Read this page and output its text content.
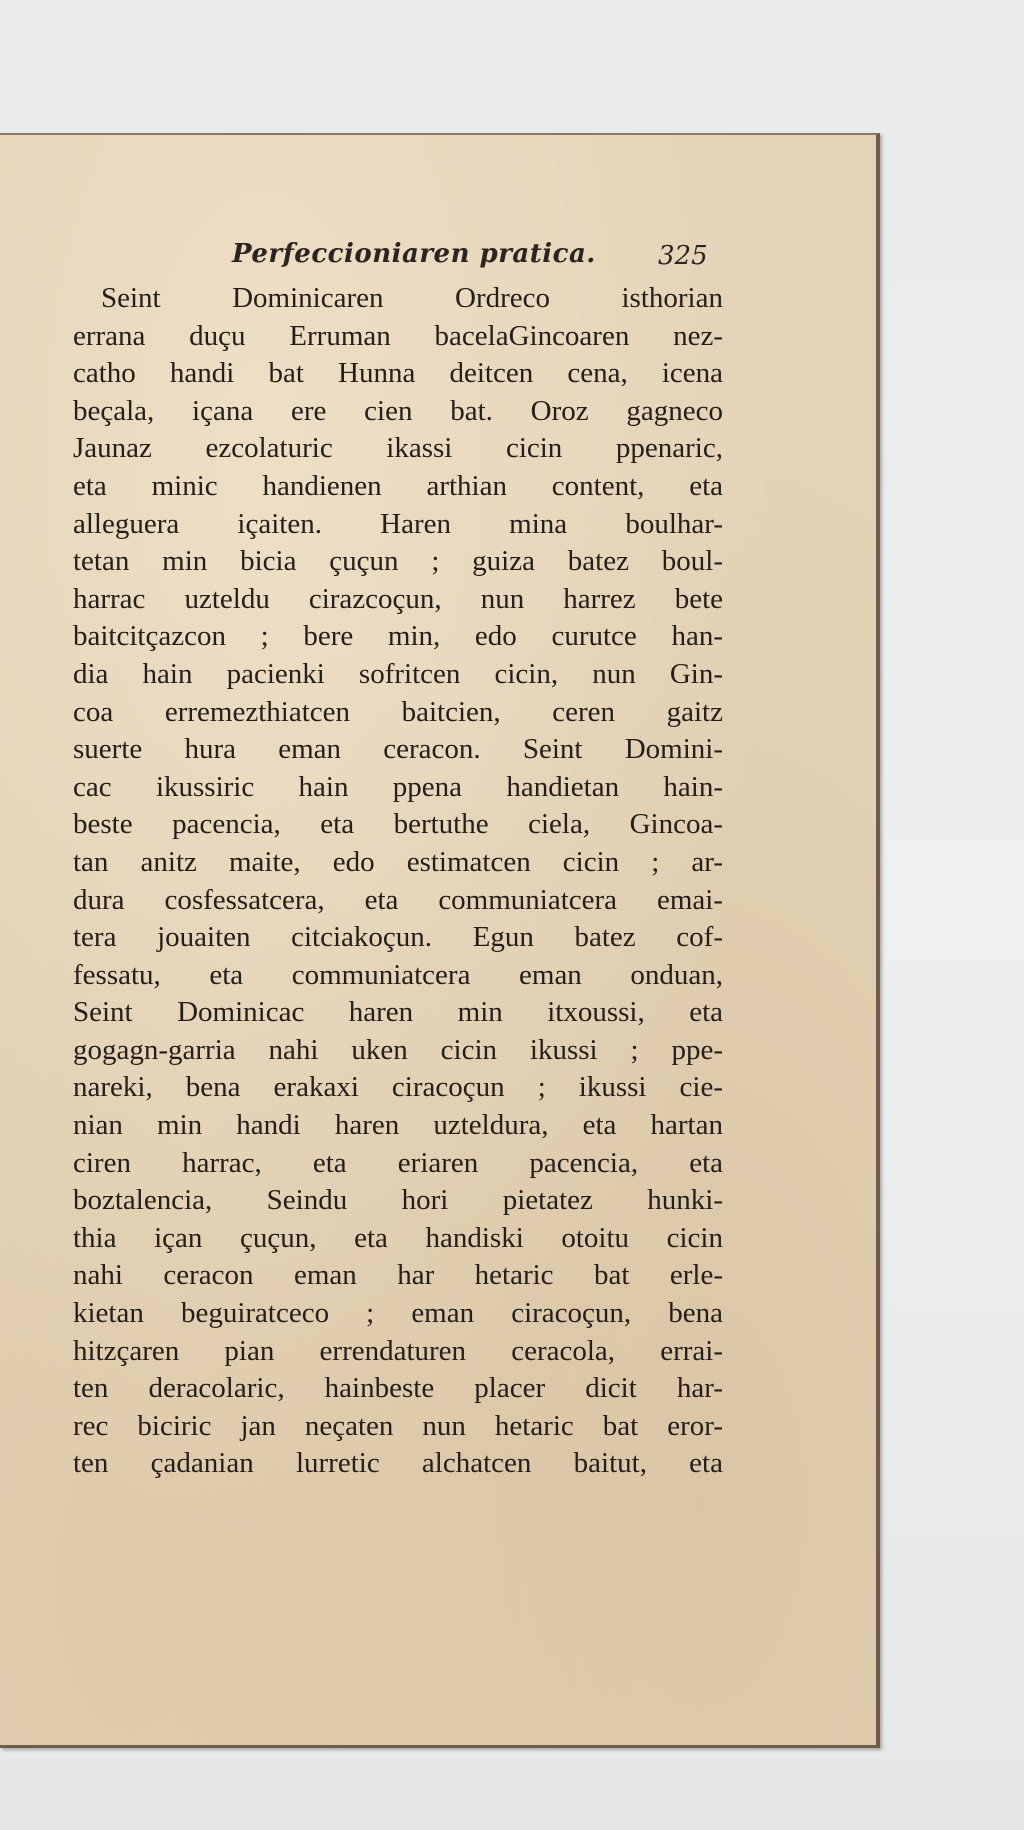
Perfeccioniaren pratica. 325
Seint Dominicaren Ordreco isthorian
errana duçu Erruman bacelaGincoaren nez-
catho handi bat Hunna deitcen cena, icena
beçala, içana ere cien bat. Oroz gagneco
Jaunaz ezcolaturic ikassi cicin ppenaric,
eta minic handienen arthian content, eta
alleguera içaiten. Haren mina boulhar-
tetan min bicia çuçun ; guiza batez boul-
harrac uzteldu cirazcoçun, nun harrez bete
baitcitçazcon ; bere min, edo curutce han-
dia hain pacienki sofritcen cicin, nun Gin-
coa erremezthiatcen baitcien, ceren gaitz
suerte hura eman ceracon. Seint Domini-
cac ikussiric hain ppena handietan hain-
beste pacencia, eta bertuthe ciela, Gincoa-
tan anitz maite, edo estimatcen cicin ; ar-
dura cosfessatcera, eta communiatcera emai-
tera jouaiten citciakoçun. Egun batez cof-
fessatu, eta communiatcera eman onduan,
Seint Dominicac haren min itxoussi, eta
gogagn-garria nahi uken cicin ikussi ; ppe-
nareki, bena erakaxi ciracoçun ; ikussi cie-
nian min handi haren uzteldura, eta hartan
ciren harrac, eta eriaren pacencia, eta
boztalencia, Seindu hori pietatez hunki-
thia içan çuçun, eta handiski otoitu cicin
nahi ceracon eman har hetaric bat erle-
kietan beguiratceco ; eman ciracoçun, bena
hitzçaren pian errendaturen ceracola, errai-
ten deracolaric, hainbeste placer dicit har-
rec biciric jan neçaten nun hetaric bat eror-
ten çadanian lurretic alchatcen baitut, eta
